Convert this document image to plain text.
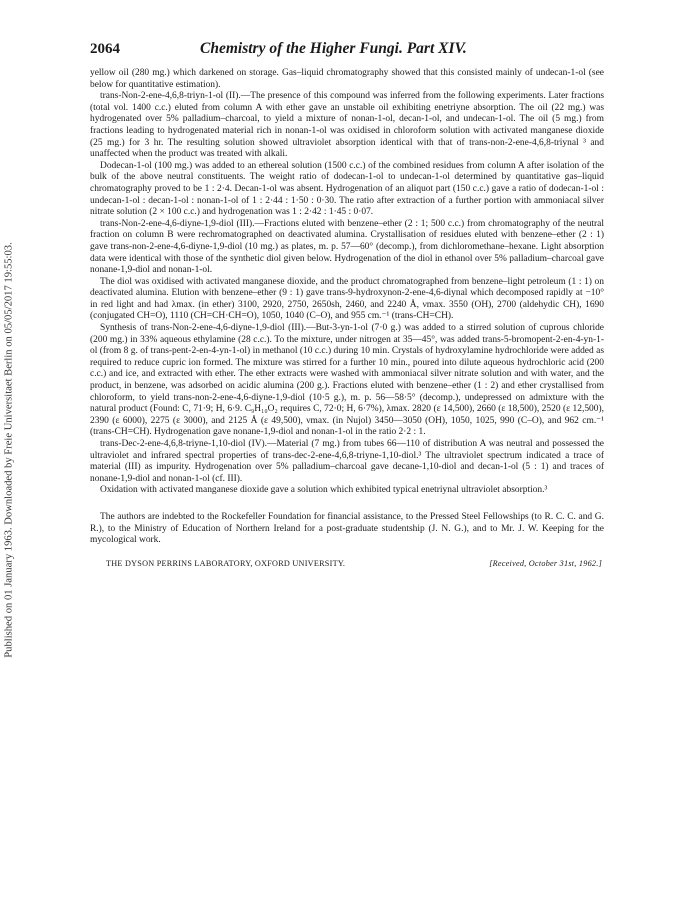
Published on 01 January 1963. Downloaded by Freie Universitaet Berlin on 05/05/2017 19:55:03.
2064	Chemistry of the Higher Fungi. Part XIV.

yellow oil (280 mg.) which darkened on storage. Gas–liquid chromatography showed that this consisted mainly of undecan-1-ol (see below for quantitative estimation).

trans-Non-2-ene-4,6,8-triyn-1-ol (II).—The presence of this compound was inferred from the following experiments. Later fractions (total vol. 1400 c.c.) eluted from column A with ether gave an unstable oil exhibiting enetriyne absorption. The oil (22 mg.) was hydrogenated over 5% palladium–charcoal, to yield a mixture of nonan-1-ol, decan-1-ol, and undecan-1-ol. The oil (5 mg.) from fractions leading to hydrogenated material rich in nonan-1-ol was oxidised in chloroform solution with activated manganese dioxide (25 mg.) for 3 hr. The resulting solution showed ultraviolet absorption identical with that of trans-non-2-ene-4,6,8-triynal ³ and unaffected when the product was treated with alkali.

Dodecan-1-ol (100 mg.) was added to an ethereal solution (1500 c.c.) of the combined residues from column A after isolation of the bulk of the above neutral constituents. The weight ratio of dodecan-1-ol to undecan-1-ol determined by quantitative gas–liquid chromatography proved to be 1 : 2·4. Decan-1-ol was absent. Hydrogenation of an aliquot part (150 c.c.) gave a ratio of dodecan-1-ol : undecan-1-ol : decan-1-ol : nonan-1-ol of 1 : 2·44 : 1·50 : 0·30. The ratio after extraction of a further portion with ammoniacal silver nitrate solution (2 × 100 c.c.) and hydrogenation was 1 : 2·42 : 1·45 : 0·07.

trans-Non-2-ene-4,6-diyne-1,9-diol (III).—Fractions eluted with benzene–ether (2 : 1; 500 c.c.) from chromatography of the neutral fraction on column B were rechromatographed on deactivated alumina. Crystallisation of residues eluted with benzene–ether (2 : 1) gave trans-non-2-ene-4,6-diyne-1,9-diol (10 mg.) as plates, m. p. 57—60° (decomp.), from dichloromethane–hexane. Light absorption data were identical with those of the synthetic diol given below. Hydrogenation of the diol in ethanol over 5% palladium–charcoal gave nonane-1,9-diol and nonan-1-ol.

The diol was oxidised with activated manganese dioxide, and the product chromatographed from benzene–light petroleum (1 : 1) on deactivated alumina. Elution with benzene–ether (9 : 1) gave trans-9-hydroxynon-2-ene-4,6-diynal which decomposed rapidly at −10° in red light and had λmax. (in ether) 3100, 2920, 2750, 2650sh, 2460, and 2240 Å, νmax. 3550 (OH), 2700 (aldehydic CH), 1690 (conjugated CH=O), 1110 (CH=CH·CH=O), 1050, 1040 (C–O), and 955 cm.⁻¹ (trans-CH=CH).

Synthesis of trans-Non-2-ene-4,6-diyne-1,9-diol (III).—But-3-yn-1-ol (7·0 g.) was added to a stirred solution of cuprous chloride (200 mg.) in 33% aqueous ethylamine (28 c.c.). To the mixture, under nitrogen at 35—45°, was added trans-5-bromopent-2-en-4-yn-1-ol (from 8 g. of trans-pent-2-en-4-yn-1-ol) in methanol (10 c.c.) during 10 min. Crystals of hydroxylamine hydrochloride were added as required to reduce cupric ion formed. The mixture was stirred for a further 10 min., poured into dilute aqueous hydrochloric acid (200 c.c.) and ice, and extracted with ether. The ether extracts were washed with ammoniacal silver nitrate solution and with water, and the product, in benzene, was adsorbed on acidic alumina (200 g.). Fractions eluted with benzene–ether (1 : 2) and ether crystallised from chloroform, to yield trans-non-2-ene-4,6-diyne-1,9-diol (10·5 g.), m. p. 56—58·5° (decomp.), undepressed on admixture with the natural product (Found: C, 71·9; H, 6·9. C₉H₁₀O₂ requires C, 72·0; H, 6·7%), λmax. 2820 (ε 14,500), 2660 (ε 18,500), 2520 (ε 12,500), 2390 (ε 6000), 2275 (ε 3000), and 2125 Å (ε 49,500), νmax. (in Nujol) 3450—3050 (OH), 1050, 1025, 990 (C–O), and 962 cm.⁻¹ (trans-CH=CH). Hydrogenation gave nonane-1,9-diol and nonan-1-ol in the ratio 2·2 : 1.

trans-Dec-2-ene-4,6,8-triyne-1,10-diol (IV).—Material (7 mg.) from tubes 66—110 of distribution A was neutral and possessed the ultraviolet and infrared spectral properties of trans-dec-2-ene-4,6,8-triyne-1,10-diol.³ The ultraviolet spectrum indicated a trace of material (III) as impurity. Hydrogenation over 5% palladium–charcoal gave decane-1,10-diol and decan-1-ol (5 : 1) and traces of nonane-1,9-diol and nonan-1-ol (cf. III).

Oxidation with activated manganese dioxide gave a solution which exhibited typical enetriynal ultraviolet absorption.³

The authors are indebted to the Rockefeller Foundation for financial assistance, to the Pressed Steel Fellowships (to R. C. C. and G. R.), to the Ministry of Education of Northern Ireland for a post-graduate studentship (J. N. G.), and to Mr. J. W. Keeping for the mycological work.

THE DYSON PERRINS LABORATORY, OXFORD UNIVERSITY.	[Received, October 31st, 1962.]
